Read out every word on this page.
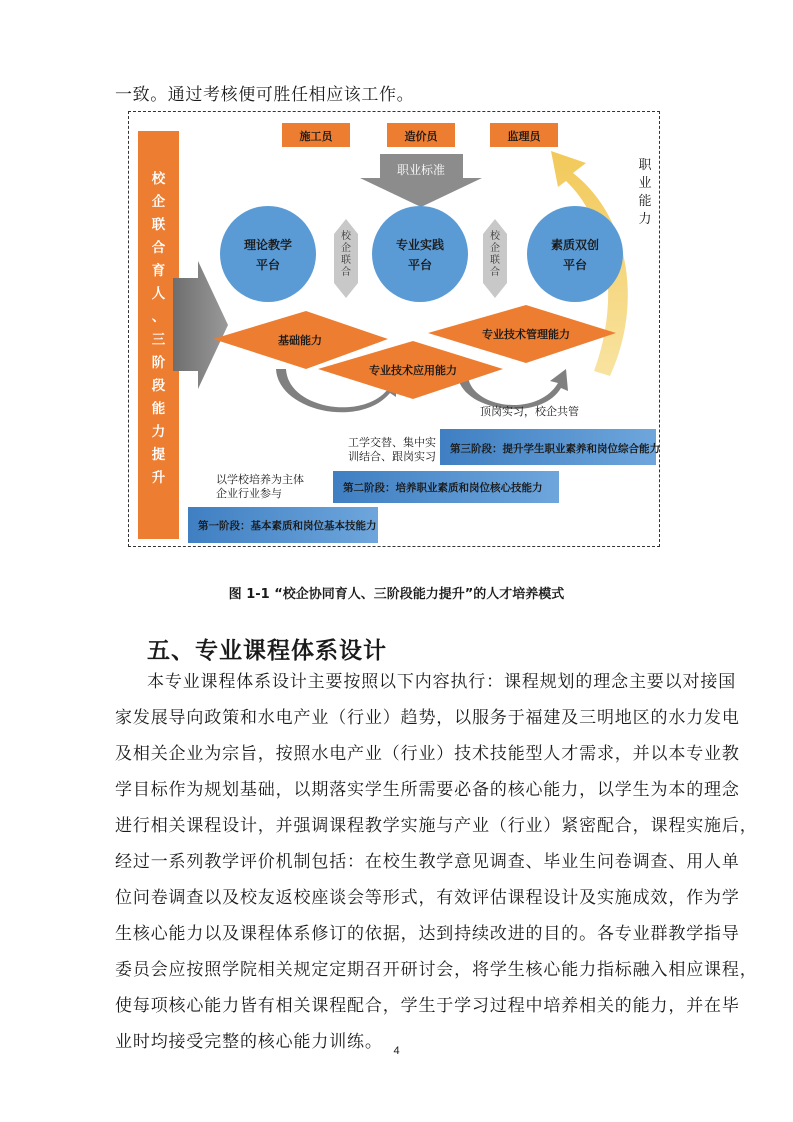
一致。通过考核便可胜任相应该工作。
校企联合育人、三阶段能力提升
施工员	造价员	监理员
职业标准	职业能力
校企联合
校企联合
理论教学
平台
专业实践
平台
素质双创
平台
基础能力
专业技术应用能力
专业技术管理能力
顶岗实习，校企共管
工学交替、集中实
训结合、跟岗实习
以学校培养为主体
企业行业参与
第一阶段：基本素质和岗位基本技能力
第二阶段：培养职业素质和岗位核心技能力
第三阶段：提升学生职业素养和岗位综合能力
图 1-1 “校企协同育人、三阶段能力提升”的人才培养模式
五、专业课程体系设计
本专业课程体系设计主要按照以下内容执行：课程规划的理念主要以对接国
家发展导向政策和水电产业（行业）趋势，以服务于福建及三明地区的水力发电
及相关企业为宗旨，按照水电产业（行业）技术技能型人才需求，并以本专业教
学目标作为规划基础，以期落实学生所需要必备的核心能力，以学生为本的理念
进行相关课程设计，并强调课程教学实施与产业（行业）紧密配合，课程实施后，
经过一系列教学评价机制包括：在校生教学意见调查、毕业生问卷调查、用人单
位问卷调查以及校友返校座谈会等形式，有效评估课程设计及实施成效，作为学
生核心能力以及课程体系修订的依据，达到持续改进的目的。各专业群教学指导
委员会应按照学院相关规定定期召开研讨会，将学生核心能力指标融入相应课程，
使每项核心能力皆有相关课程配合，学生于学习过程中培养相关的能力，并在毕
业时均接受完整的核心能力训练。 4
